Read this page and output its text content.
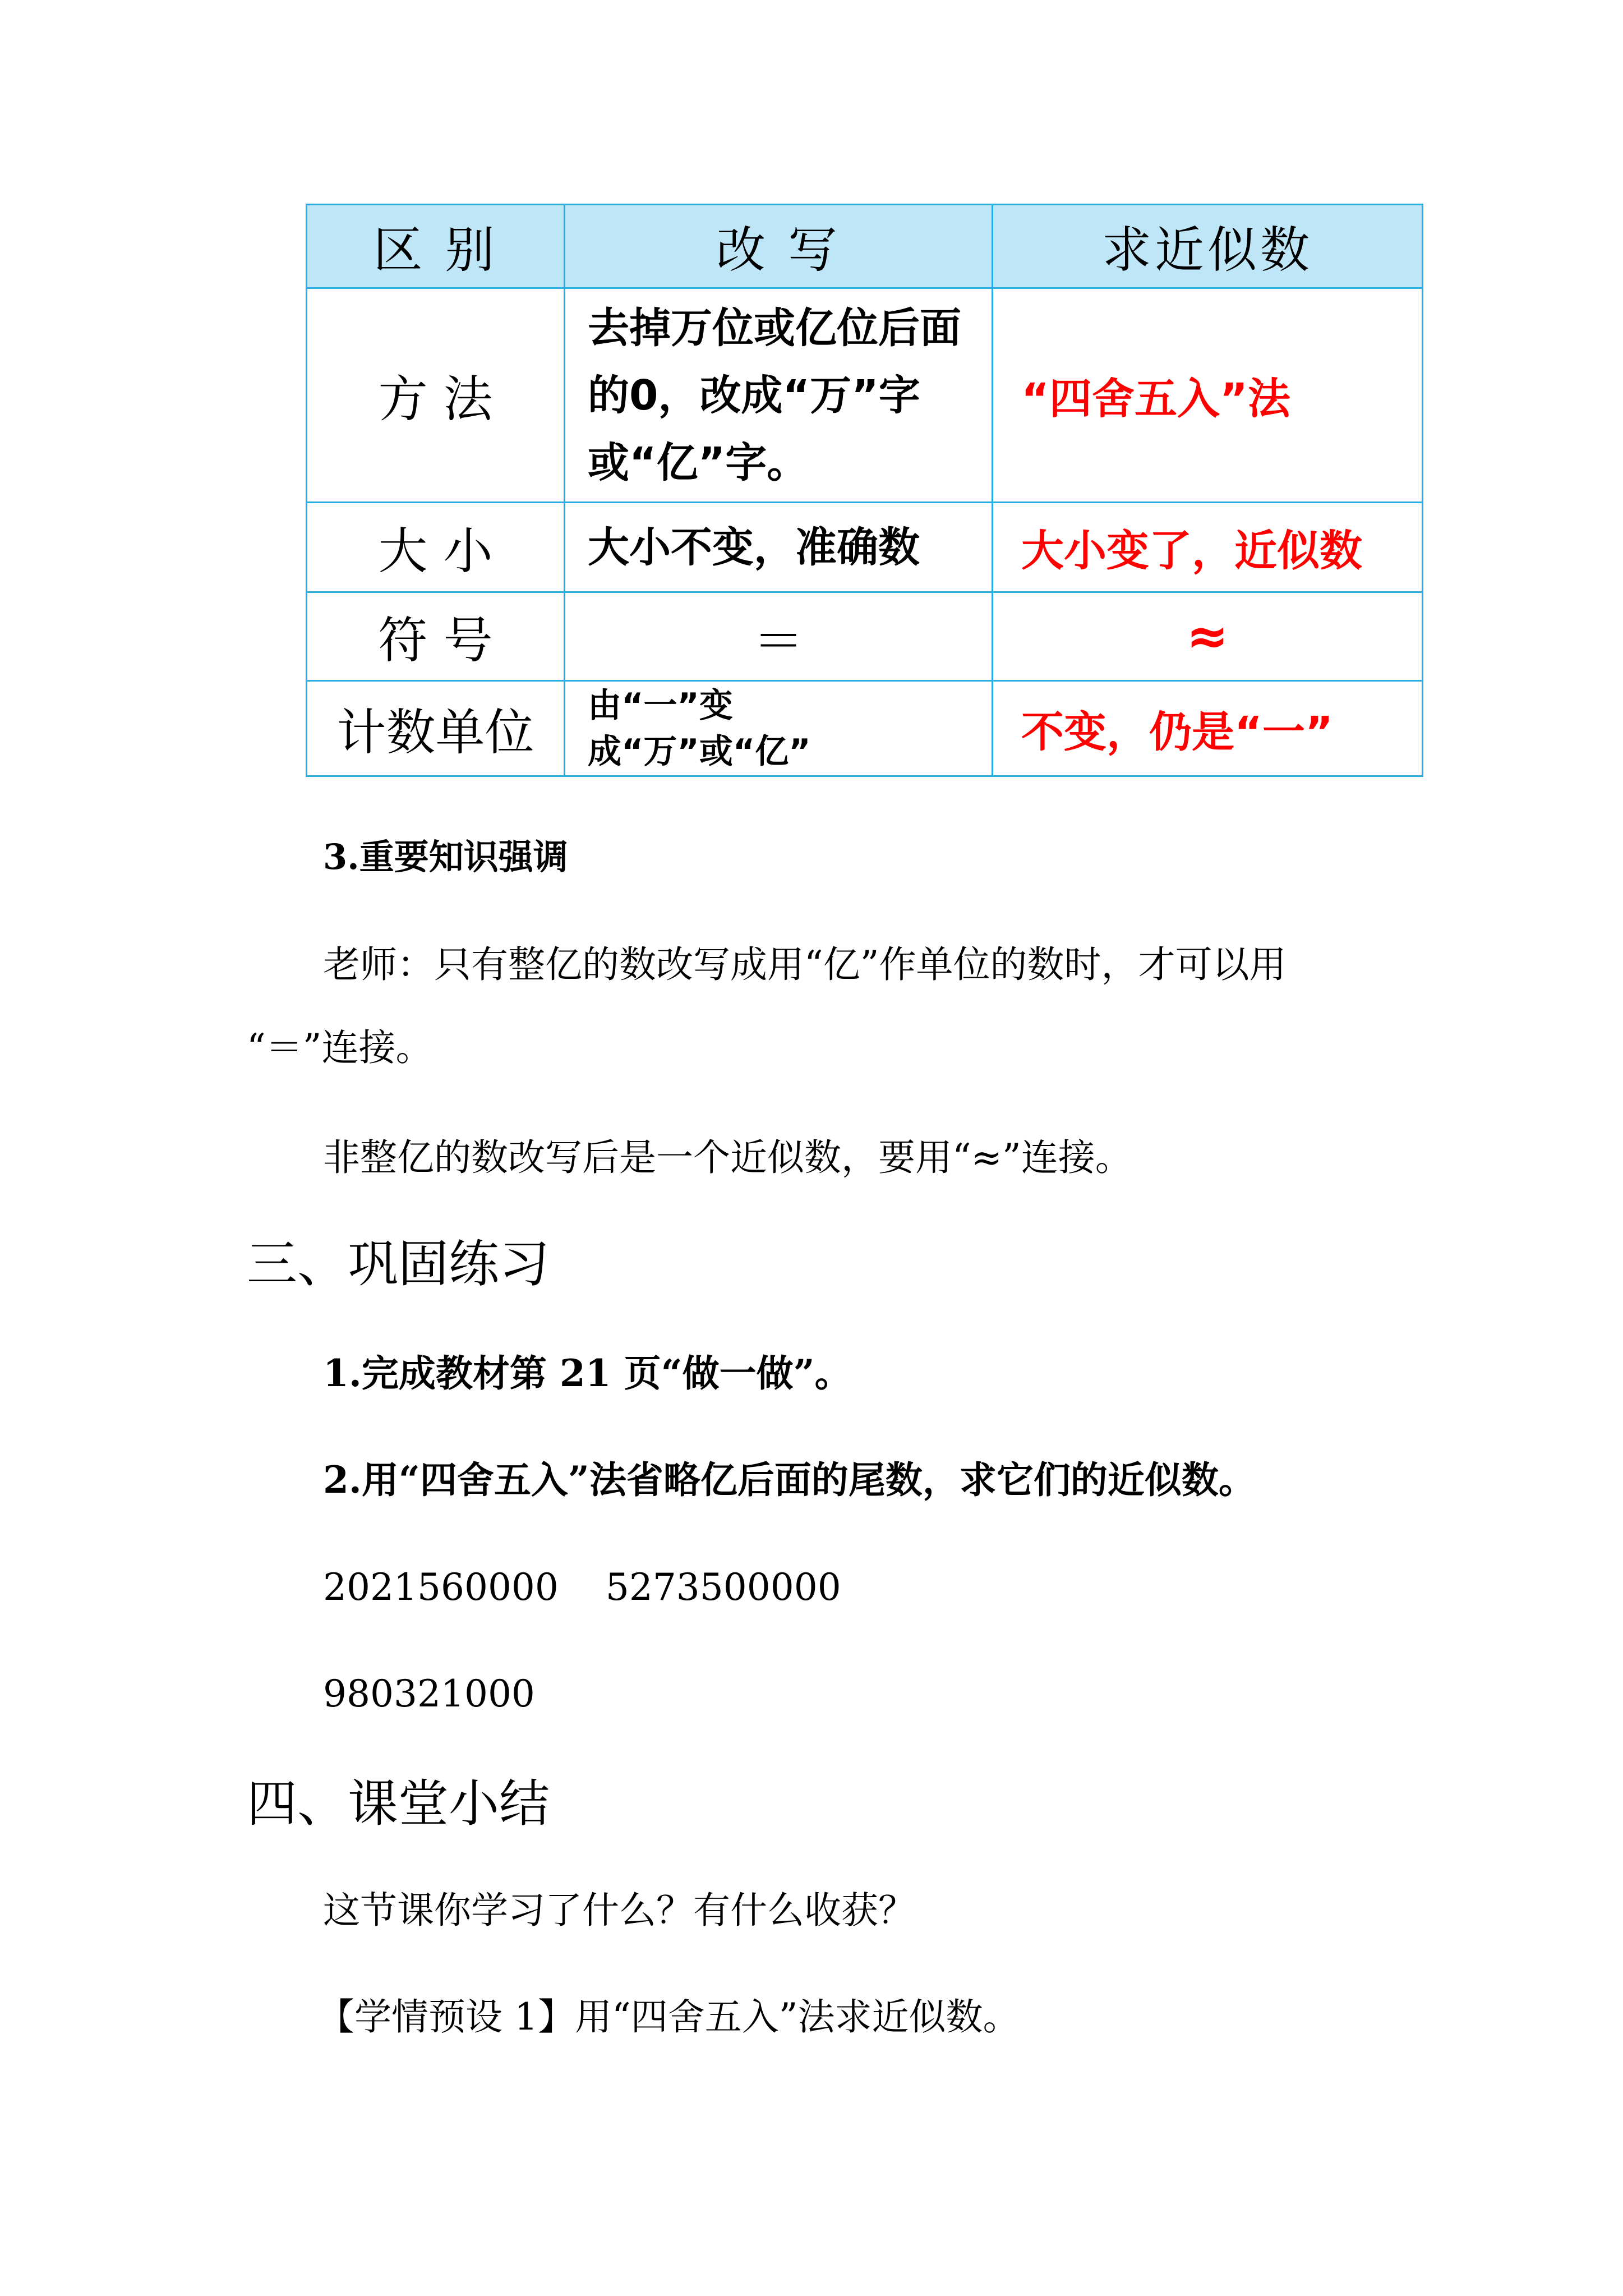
区 别	改 写	求近似数
方 法	去掉万位或亿位后面的0，改成“万”字或“亿”字。	“四舍五入”法
大 小	大小不变，准确数	大小变了，近似数
符 号	＝	≈
计数单位	由“一”变成“万”或“亿”	不变，仍是“一”
3.重要知识强调
老师：只有整亿的数改写成用“亿”作单位的数时，才可以用
“＝”连接。
非整亿的数改写后是一个近似数，要用“≈”连接。
三、巩固练习
1.完成教材第 21 页“做一做”。
2.用“四舍五入”法省略亿后面的尾数，求它们的近似数。
2021560000    5273500000
980321000
四、课堂小结
这节课你学习了什么？有什么收获？
【学情预设 1】用“四舍五入”法求近似数。
